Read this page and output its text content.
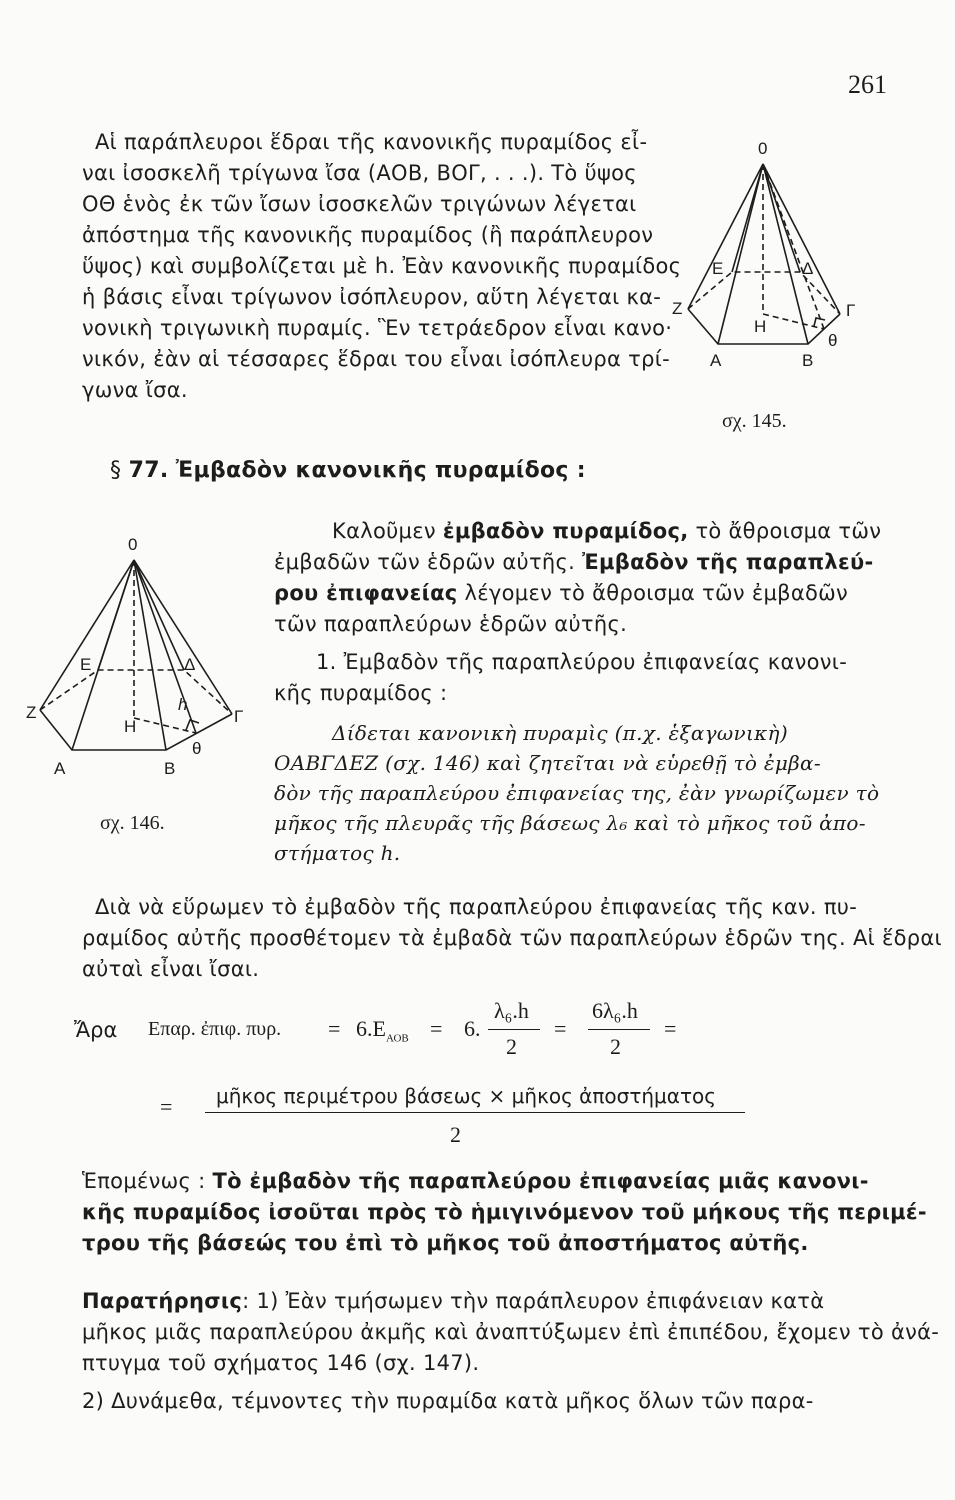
261
Αἱ παράπλευροι ἕδραι τῆς κανονικῆς πυραμίδος εἶ-
ναι ἰσοσκελῆ τρίγωνα ἴσα (ΑΟΒ, ΒΟΓ, . . .). Τὸ ὕψος
ΟΘ ἑνὸς ἐκ τῶν ἴσων ἰσοσκελῶν τριγώνων λέγεται
ἀπόστημα τῆς κανονικῆς πυραμίδος (ἢ παράπλευρον
ὕψος) καὶ συμβολίζεται μὲ h. Ἐὰν κανονικῆς πυραμίδος
ἡ βάσις εἶναι τρίγωνον ἰσόπλευρον, αὕτη λέγεται κα-
νονικὴ τριγωνικὴ πυραμίς. Ἓν τετράεδρον εἶναι κανο·
νικόν, ἐὰν αἱ τέσσαρες ἕδραι του εἶναι ἰσόπλευρα τρί-
γωνα ἴσα.
0
Ε	Δ
Ζ	Γ
Η
Α	Β
θ
σχ. 145.
§ 77. Ἐμβαδὸν κανονικῆς πυραμίδος :
Καλοῦμεν ἐμβαδὸν πυραμίδος, τὸ ἄθροισμα τῶν
ἐμβαδῶν τῶν ἑδρῶν αὐτῆς. Ἐμβαδὸν τῆς παραπλεύ-
ρου ἐπιφανείας λέγομεν τὸ ἄθροισμα τῶν ἐμβαδῶν
τῶν παραπλεύρων ἑδρῶν αὐτῆς.
1. Ἐμβαδὸν τῆς παραπλεύρου ἐπιφανείας κανονι-
κῆς πυραμίδος :
Δίδεται κανονικὴ πυραμὶς (π.χ. ἑξαγωνικὴ)
ΟΑΒΓΔΕΖ (σχ. 146) καὶ ζητεῖται νὰ εὑρεθῇ τὸ ἐμβα-
δὸν τῆς παραπλεύρου ἐπιφανείας της, ἐὰν γνωρίζωμεν τὸ
μῆκος τῆς πλευρᾶς τῆς βάσεως λ₆ καὶ τὸ μῆκος τοῦ ἀπο-
στήματος h.
0
Ε	Δ
Ζ	Γ
Η
h
Α	Β
θ
σχ. 146.
Διὰ νὰ εὕρωμεν τὸ ἐμβαδὸν τῆς παραπλεύρου ἐπιφανείας τῆς καν. πυ-
ραμίδος αὐτῆς προσθέτομεν τὰ ἐμβαδὰ τῶν παραπλεύρων ἑδρῶν της. Αἱ ἕδραι
αὐταὶ εἶναι ἴσαι.
Ἄρα Eπαρ. ἐπιφ. πυρ. = $6.E_{AOB} = 6$.
λ₆.h
2
=
6λ₆.h
2
=
= μῆκος περιμέτρου βάσεως × μῆκος ἀποστήματος
2
Ἑπομένως : Τὸ ἐμβαδὸν τῆς παραπλεύρου ἐπιφανείας μιᾶς κανονι-
κῆς πυραμίδος ἰσοῦται πρὸς τὸ ἡμιγινόμενον τοῦ μήκους τῆς περιμέ-
τρου τῆς βάσεώς του ἐπὶ τὸ μῆκος τοῦ ἀποστήματος αὐτῆς.
Παρατήρησις: 1) Ἐὰν τμήσωμεν τὴν παράπλευρον ἐπιφάνειαν κατὰ
μῆκος μιᾶς παραπλεύρου ἀκμῆς καὶ ἀναπτύξωμεν ἐπὶ ἐπιπέδου, ἔχομεν τὸ ἀνά-
πτυγμα τοῦ σχήματος 146 (σχ. 147).
2) Δυνάμεθα, τέμνοντες τὴν πυραμίδα κατὰ μῆκος ὅλων τῶν παρα-
